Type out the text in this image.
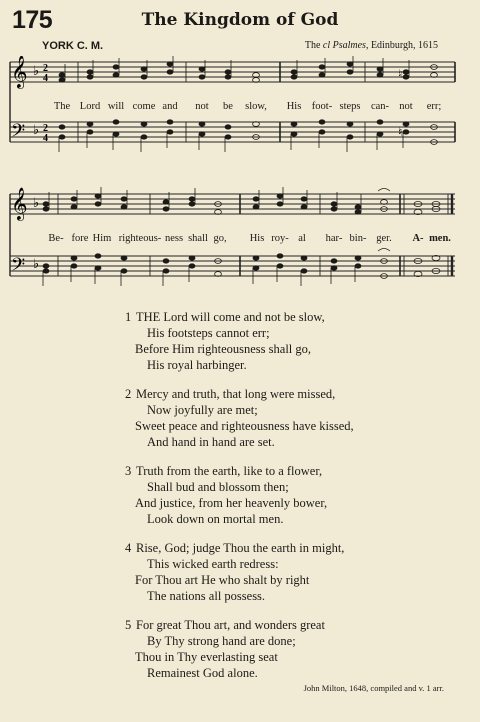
175	The Kingdom of God
YORK C. M.	The cl Psalmes, Edinburgh, 1615
𝄞
𝄢
♭
♭
2
4
2
4
♮
♮
The Lord will come and not be slow, His foot- steps can- not err;
𝄞
𝄢
♭
♭
Be- fore Him righteous- ness shall go, His roy- al har- bin- ger. A- men.
1 THE Lord will come and not be slow,
His footsteps cannot err;
Before Him righteousness shall go,
His royal harbinger.
2 Mercy and truth, that long were missed,
Now joyfully are met;
Sweet peace and righteousness have kissed,
And hand in hand are set.
3 Truth from the earth, like to a flower,
Shall bud and blossom then;
And justice, from her heavenly bower,
Look down on mortal men.
4 Rise, God; judge Thou the earth in might,
This wicked earth redress:
For Thou art He who shalt by right
The nations all possess.
5 For great Thou art, and wonders great
By Thy strong hand are done;
Thou in Thy everlasting seat
Remainest God alone.
John Milton, 1648, compiled and v. 1 arr.
